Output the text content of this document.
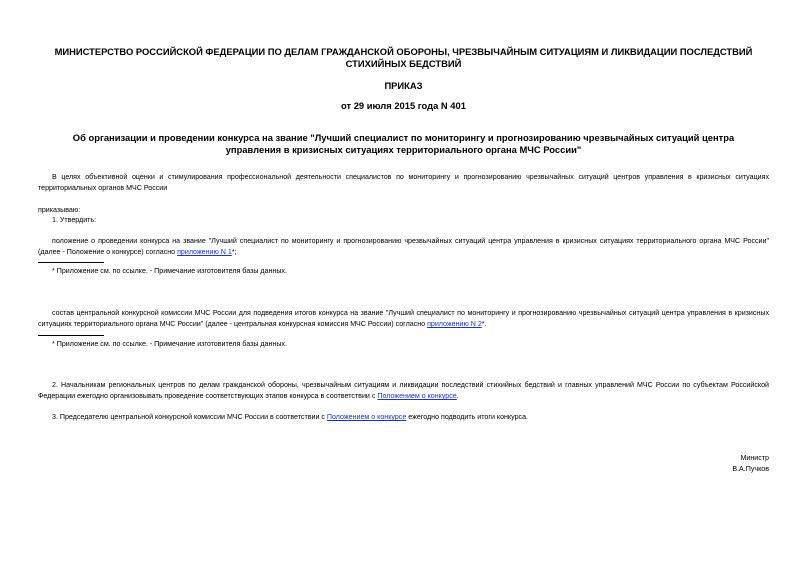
МИНИСТЕРСТВО РОССИЙСКОЙ ФЕДЕРАЦИИ ПО ДЕЛАМ ГРАЖДАНСКОЙ ОБОРОНЫ, ЧРЕЗВЫЧАЙНЫМ СИТУАЦИЯМ И ЛИКВИДАЦИИ ПОСЛЕДСТВИЙ СТИХИЙНЫХ БЕДСТВИЙ
ПРИКАЗ
от 29 июля 2015 года N 401
Об организации и проведении конкурса на звание "Лучший специалист по мониторингу и прогнозированию чрезвычайных ситуаций центра управления в кризисных ситуациях территориального органа МЧС России"
В целях объективной оценки и стимулирования профессиональной деятельности специалистов по мониторингу и прогнозированию чрезвычайных ситуаций центров управления в кризисных ситуациях территориальных органов МЧС России
приказываю:
1. Утвердить:
положение о проведении конкурса на звание "Лучший специалист по мониторингу и прогнозированию чрезвычайных ситуаций центра управления в кризисных ситуациях территориального органа МЧС России" (далее - Положение о конкурсе) согласно приложению N 1*;
* Приложение см. по ссылке. - Примечание изготовителя базы данных.
состав центральной конкурсной комиссии МЧС России для подведения итогов конкурса на звание "Лучший специалист по мониторингу и прогнозированию чрезвычайных ситуаций центра управления в кризисных ситуациях территориального органа МЧС России" (далее - центральная конкурсная комиссия МЧС России) согласно приложению N 2*.
* Приложение см. по ссылке. - Примечание изготовителя базы данных.
2. Начальникам региональных центров по делам гражданской обороны, чрезвычайным ситуациям и ликвидации последствий стихийных бедствий и главных управлений МЧС России по субъектам Российской Федерации ежегодно организовывать проведение соответствующих этапов конкурса в соответствии с Положением о конкурсе.
3. Председателю центральной конкурсной комиссии МЧС России в соответствии с Положением о конкурсе ежегодно подводить итоги конкурса.
Министр
В.А.Пучков
